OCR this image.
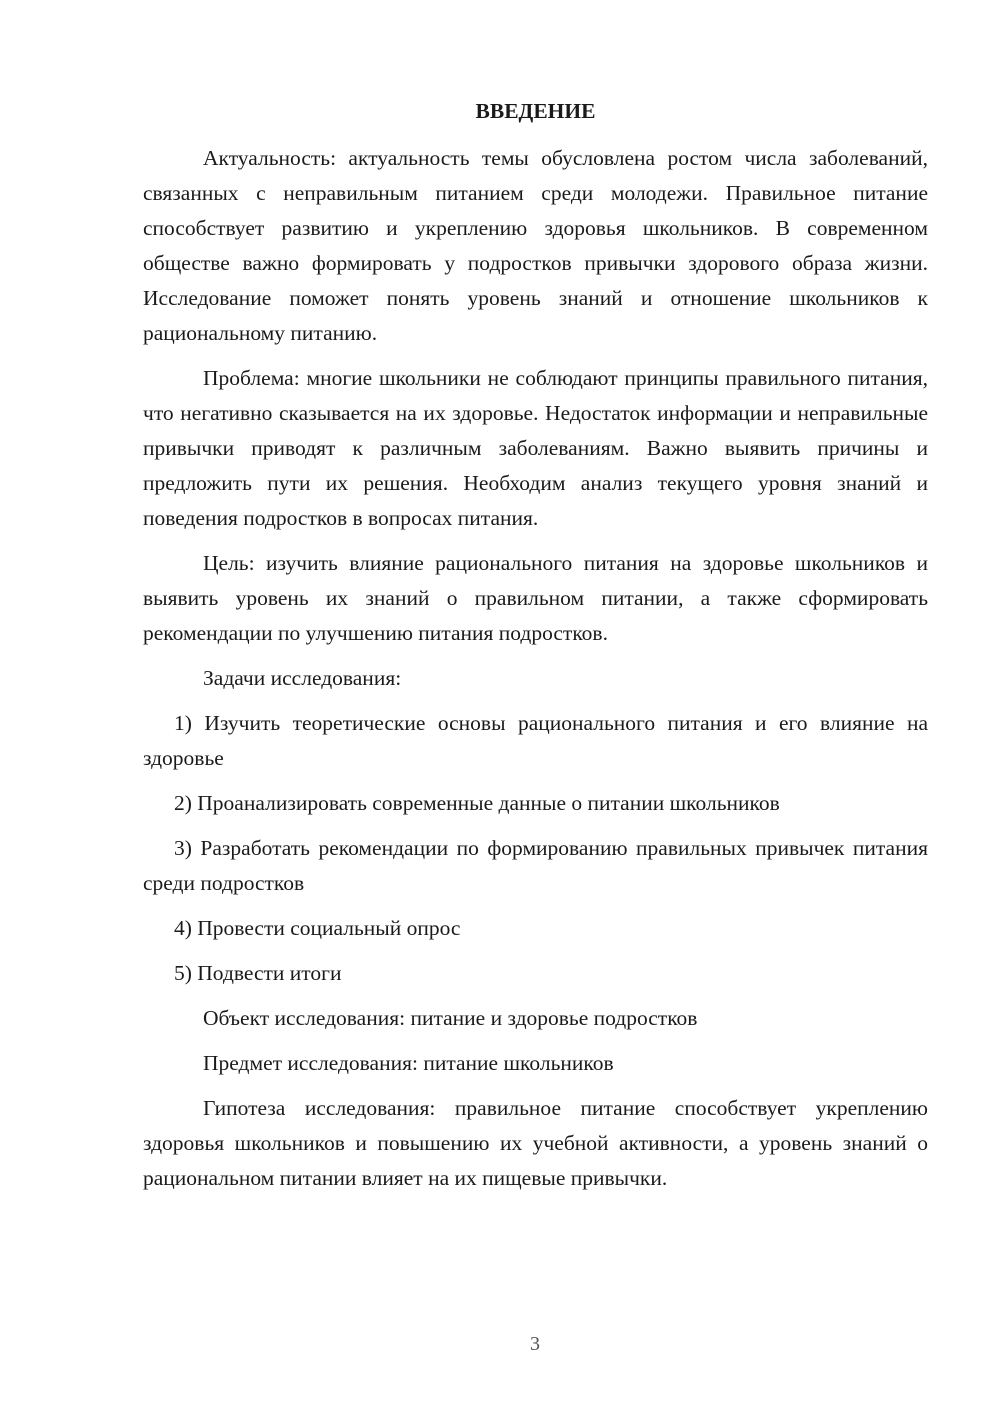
ВВЕДЕНИЕ

Актуальность: актуальность темы обусловлена ростом числа заболеваний, связанных с неправильным питанием среди молодежи. Правильное питание способствует развитию и укреплению здоровья школьников. В современном обществе важно формировать у подростков привычки здорового образа жизни. Исследование поможет понять уровень знаний и отношение школьников к рациональному питанию.

Проблема: многие школьники не соблюдают принципы правильного питания, что негативно сказывается на их здоровье. Недостаток информации и неправильные привычки приводят к различным заболеваниям. Важно выявить причины и предложить пути их решения. Необходим анализ текущего уровня знаний и поведения подростков в вопросах питания.

Цель: изучить влияние рационального питания на здоровье школьников и выявить уровень их знаний о правильном питании, а также сформировать рекомендации по улучшению питания подростков.

Задачи исследования:

1) Изучить теоретические основы рационального питания и его влияние на здоровье

2) Проанализировать современные данные о питании школьников

3) Разработать рекомендации по формированию правильных привычек питания среди подростков

4) Провести социальный опрос

5) Подвести итоги

Объект исследования: питание и здоровье подростков

Предмет исследования: питание школьников

Гипотеза исследования: правильное питание способствует укреплению здоровья школьников и повышению их учебной активности, а уровень знаний о рациональном питании влияет на их пищевые привычки.

3
